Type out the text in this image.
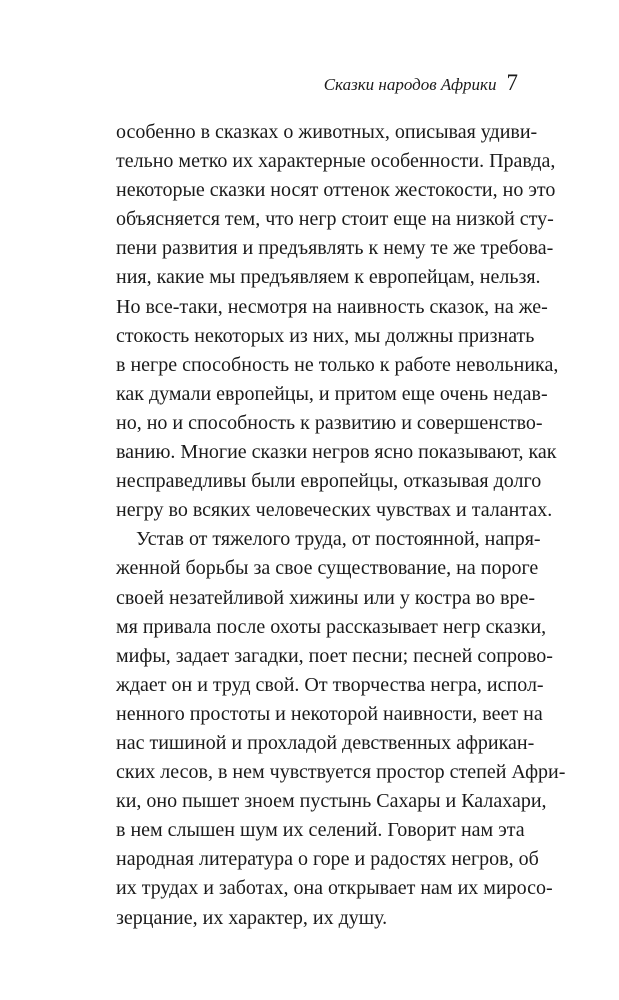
Сказки народов Африки 7
особенно в сказках о животных, описывая удиви-
тельно метко их характерные особенности. Правда,
некоторые сказки носят оттенок жестокости, но это
объясняется тем, что негр стоит еще на низкой сту-
пени развития и предъявлять к нему те же требова-
ния, какие мы предъявляем к европейцам, нельзя.
Но все-таки, несмотря на наивность сказок, на же-
стокость некоторых из них, мы должны признать
в негре способность не только к работе невольника,
как думали европейцы, и притом еще очень недав-
но, но и способность к развитию и совершенство-
ванию. Многие сказки негров ясно показывают, как
несправедливы были европейцы, отказывая долго
негру во всяких человеческих чувствах и талантах.
Устав от тяжелого труда, от постоянной, напря-
женной борьбы за свое существование, на пороге
своей незатейливой хижины или у костра во вре-
мя привала после охоты рассказывает негр сказки,
мифы, задает загадки, поет песни; песней сопрово-
ждает он и труд свой. От творчества негра, испол-
ненного простоты и некоторой наивности, веет на
нас тишиной и прохладой девственных африкан-
ских лесов, в нем чувствуется простор степей Афри-
ки, оно пышет зноем пустынь Сахары и Калахари,
в нем слышен шум их селений. Говорит нам эта
народная литература о горе и радостях негров, об
их трудах и заботах, она открывает нам их миросо-
зерцание, их характер, их душу.
